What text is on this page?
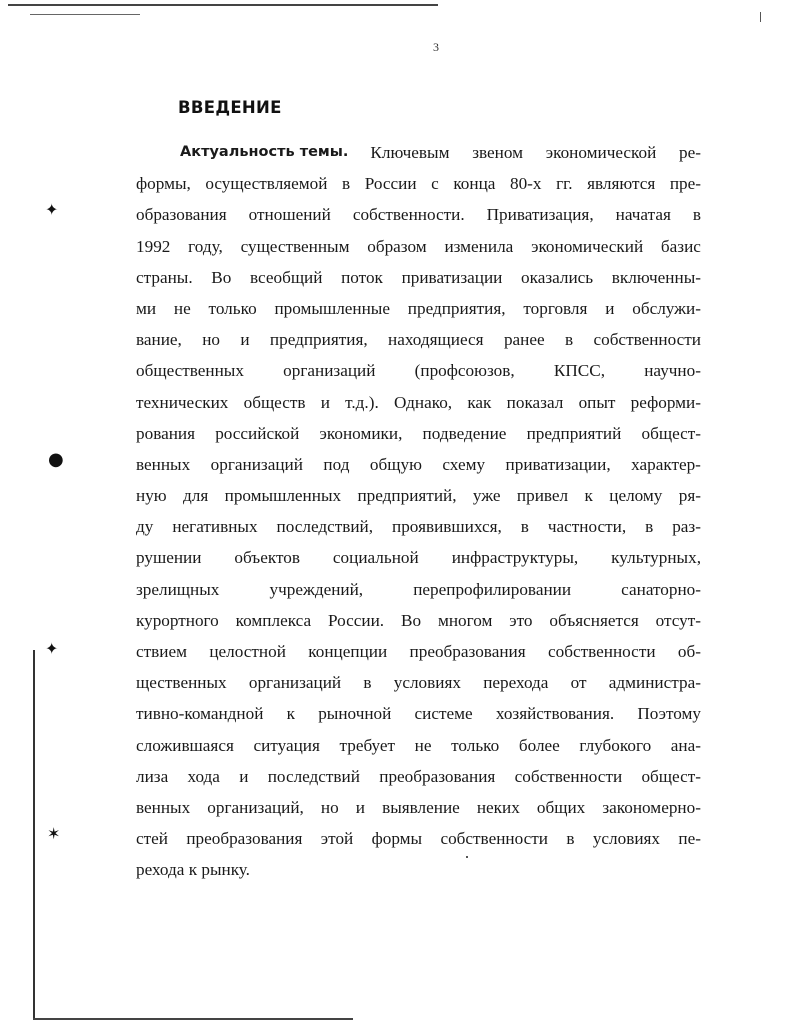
✦
●
✦
✶
3
ВВЕДЕНИЕ
Актуальность темы. Ключевым звеном экономической ре-
формы, осуществляемой в России с конца 80-х гг. являются пре-
образования отношений собственности. Приватизация, начатая в
1992 году, существенным образом изменила экономический базис
страны. Во всеобщий поток приватизации оказались включенны-
ми не только промышленные предприятия, торговля и обслужи-
вание, но и предприятия, находящиеся ранее в собственности
общественных организаций (профсоюзов, КПСС, научно-
технических обществ и т.д.). Однако, как показал опыт реформи-
рования российской экономики, подведение предприятий общест-
венных организаций под общую схему приватизации, характер-
ную для промышленных предприятий, уже привел к целому ря-
ду негативных последствий, проявившихся, в частности, в раз-
рушении объектов социальной инфраструктуры, культурных,
зрелищных	учреждений,	перепрофилировании	санаторно-
курортного комплекса России. Во многом это объясняется отсут-
ствием целостной концепции преобразования собственности об-
щественных организаций в условиях перехода от администра-
тивно-командной к рыночной системе хозяйствования. Поэтому
сложившаяся ситуация требует не только более глубокого ана-
лиза хода и последствий преобразования собственности общест-
венных организаций, но и выявление неких общих закономерно-
стей преобразования этой формы собственности в условиях пе-
рехода к рынку.
